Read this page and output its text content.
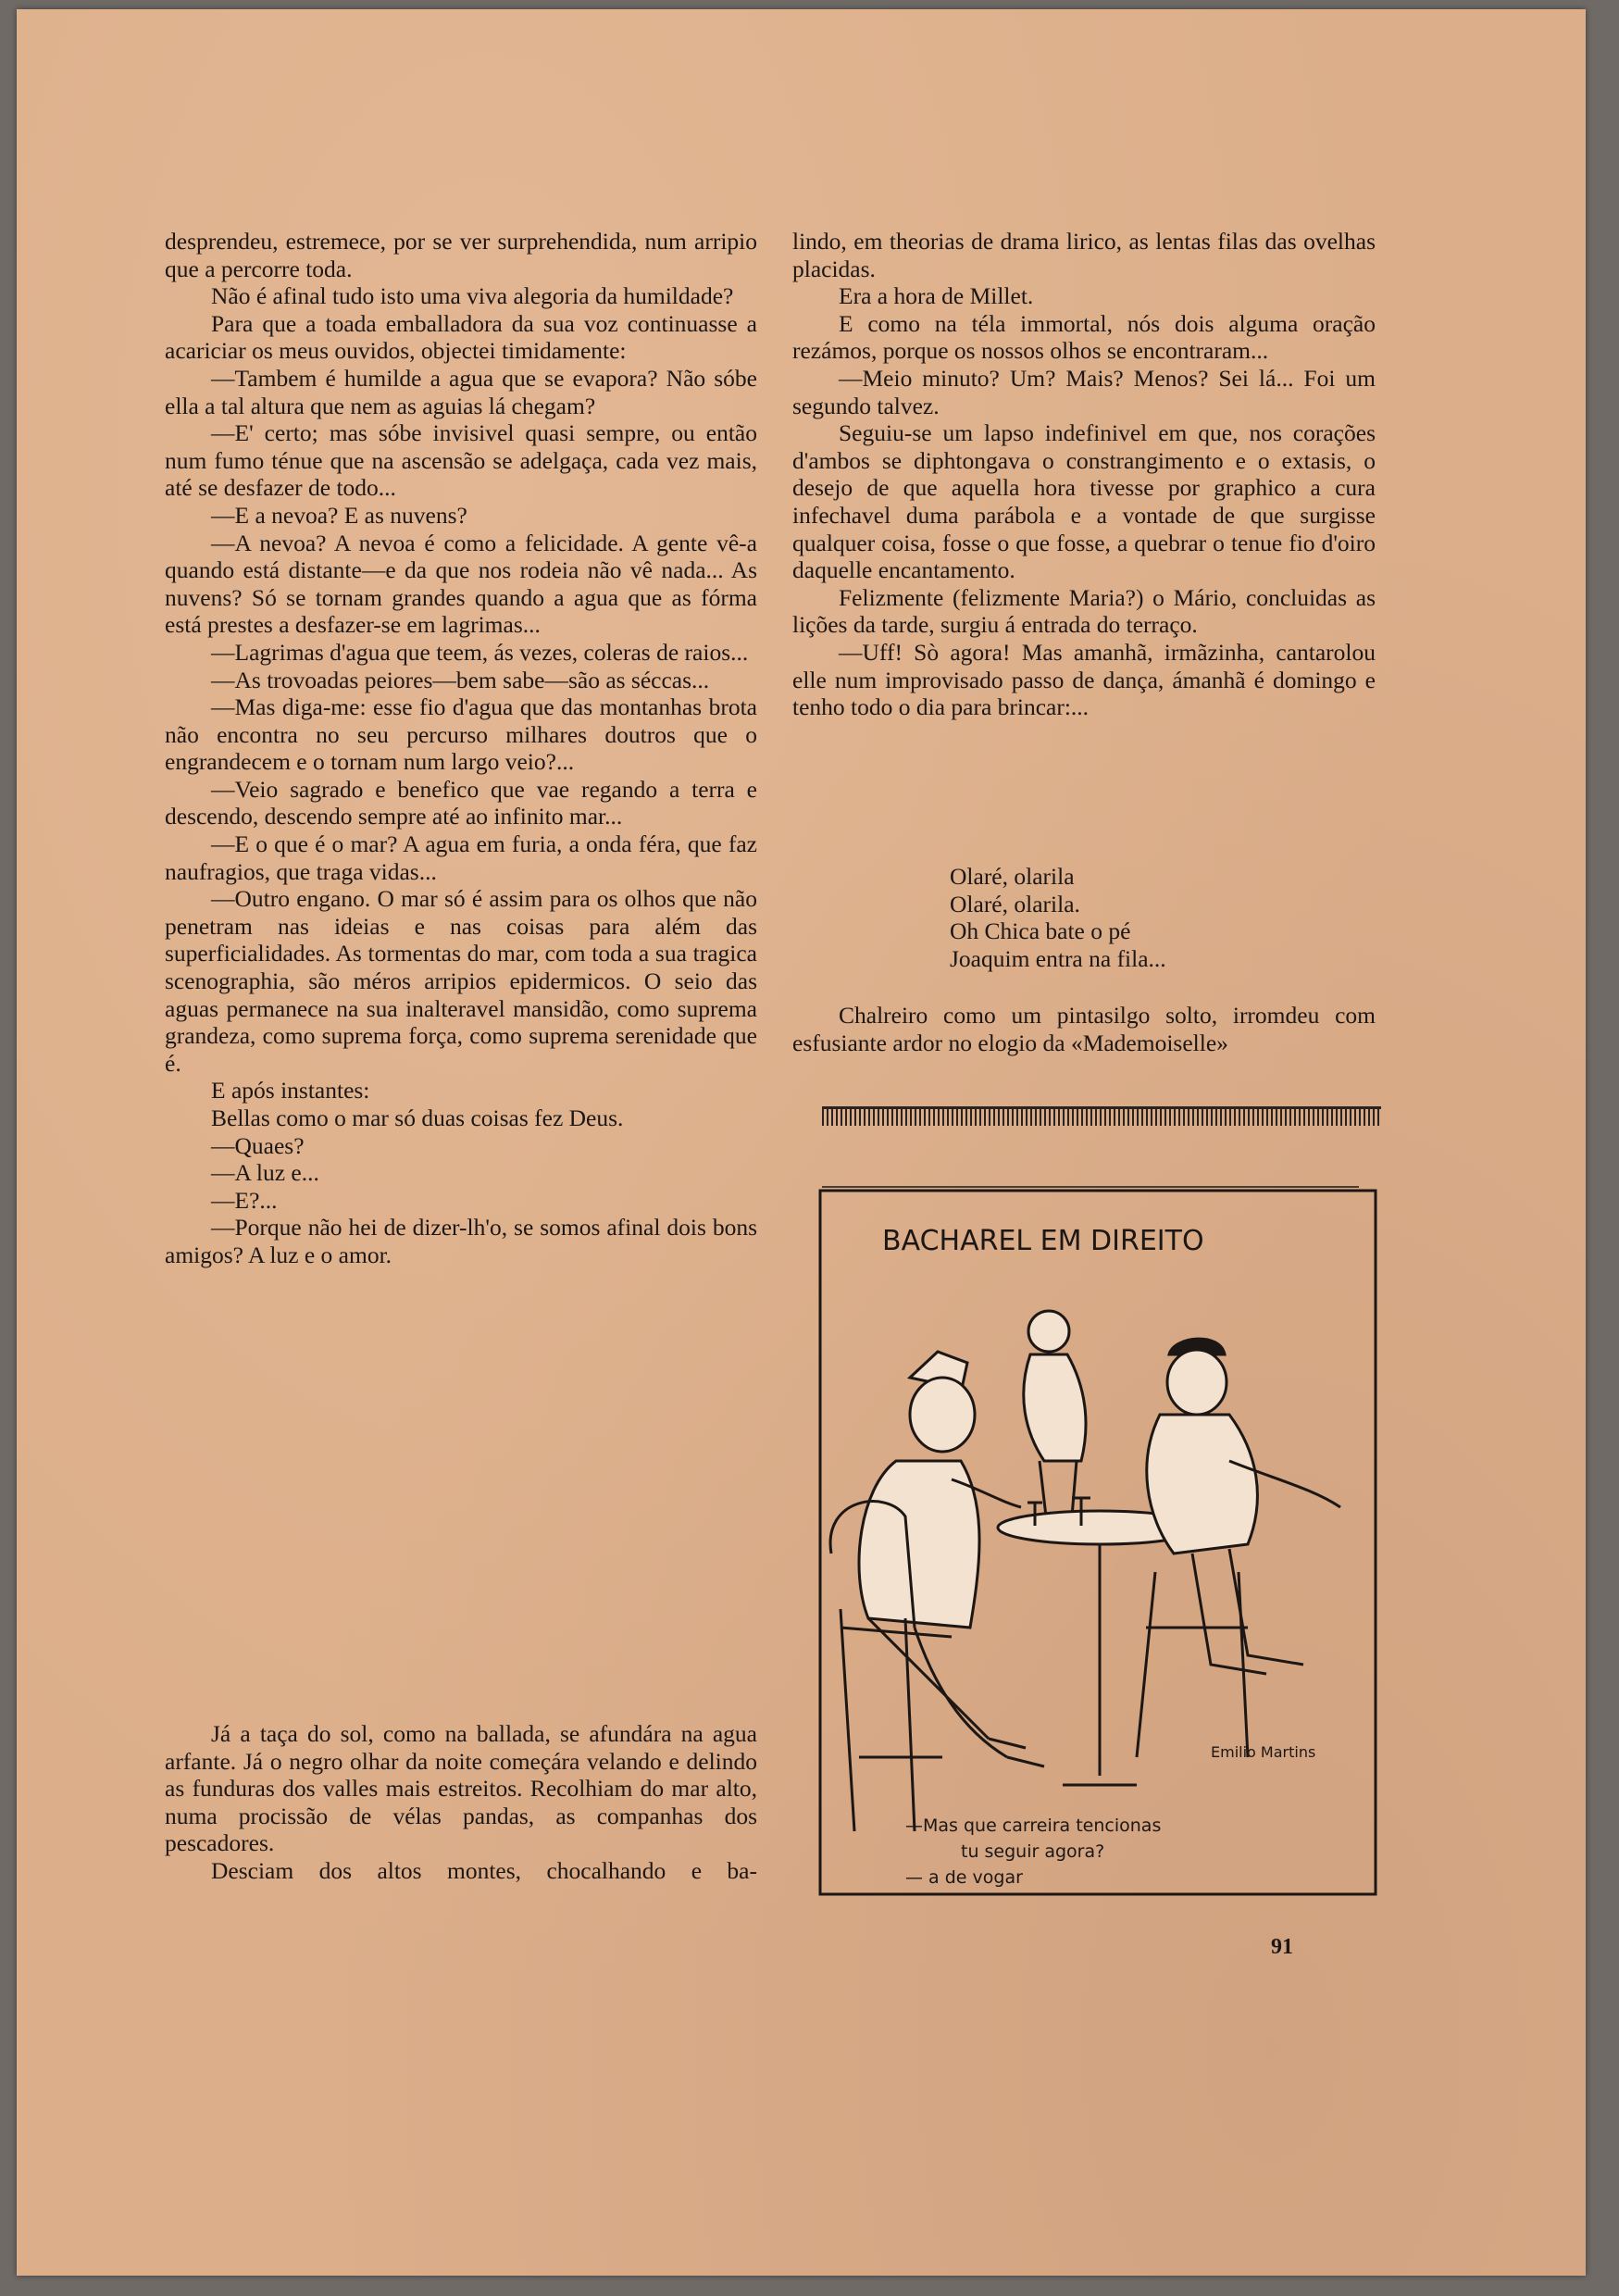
desprendeu, estremece, por se ver surprehendida, num arripio que a percorre toda.

Não é afinal tudo isto uma viva alegoria da humildade?

Para que a toada emballadora da sua voz continuasse a acariciar os meus ouvidos, objectei timidamente:

—Tambem é humilde a agua que se evapora? Não sóbe ella a tal altura que nem as aguias lá chegam?

—E' certo; mas sóbe invisivel quasi sempre, ou então num fumo ténue que na ascensão se adelgaça, cada vez mais, até se desfazer de todo...

—E a nevoa? E as nuvens?

—A nevoa? A nevoa é como a felicidade. A gente vê-a quando está distante—e da que nos rodeia não vê nada... As nuvens? Só se tornam grandes quando a agua que as fórma está prestes a desfazer-se em lagrimas...

—Lagrimas d'agua que teem, ás vezes, coleras de raios...

—As trovoadas peiores—bem sabe—são as séccas...

—Mas diga-me: esse fio d'agua que das montanhas brota não encontra no seu percurso milhares doutros que o engrandecem e o tornam num largo veio?...

—Veio sagrado e benefico que vae regando a terra e descendo, descendo sempre até ao infinito mar...

—E o que é o mar? A agua em furia, a onda féra, que faz naufragios, que traga vidas...

—Outro engano. O mar só é assim para os olhos que não penetram nas ideias e nas coisas para além das superficialidades. As tormentas do mar, com toda a sua tragica scenographia, são méros arripios epidermicos. O seio das aguas permanece na sua inalteravel mansidão, como suprema grandeza, como suprema força, como suprema serenidade que é.

E após instantes:

Bellas como o mar só duas coisas fez Deus.

—Quaes?

—A luz e...

—E?...

—Porque não hei de dizer-lh'o, se somos afinal dois bons amigos? A luz e o amor.

Já a taça do sol, como na ballada, se afundára na agua arfante. Já o negro olhar da noite começára velando e delindo as funduras dos valles mais estreitos. Recolhiam do mar alto, numa procissão de vélas pandas, as companhas dos pescadores.

Desciam dos altos montes, chocalhando e ba-

lindo, em theorias de drama lirico, as lentas filas das ovelhas placidas.

Era a hora de Millet.

E como na téla immortal, nós dois alguma oração rezámos, porque os nossos olhos se encontraram...

—Meio minuto? Um? Mais? Menos? Sei lá... Foi um segundo talvez.

Seguiu-se um lapso indefinivel em que, nos corações d'ambos se diphtongava o constrangimento e o extasis, o desejo de que aquella hora tivesse por graphico a cura infechavel duma parábola e a vontade de que surgisse qualquer coisa, fosse o que fosse, a quebrar o tenue fio d'oiro daquelle encantamento.

Felizmente (felizmente Maria?) o Mário, concluidas as lições da tarde, surgiu á entrada do terraço.

—Uff! Sò agora! Mas amanhã, irmãzinha, cantarolou elle num improvisado passo de dança, ámanhã é domingo e tenho todo o dia para brincar:...

Olaré, olarila

Olaré, olarila.

Oh Chica bate o pé

Joaquim entra na fila...

Chalreiro como um pintasilgo solto, irromdeu com esfusiante ardor no elogio da «Mademoiselle»

BACHAREL EM DIREITO
Emilio Martins
—Mas que carreira tencionas
tu seguir agora?
— a de vogar
91
